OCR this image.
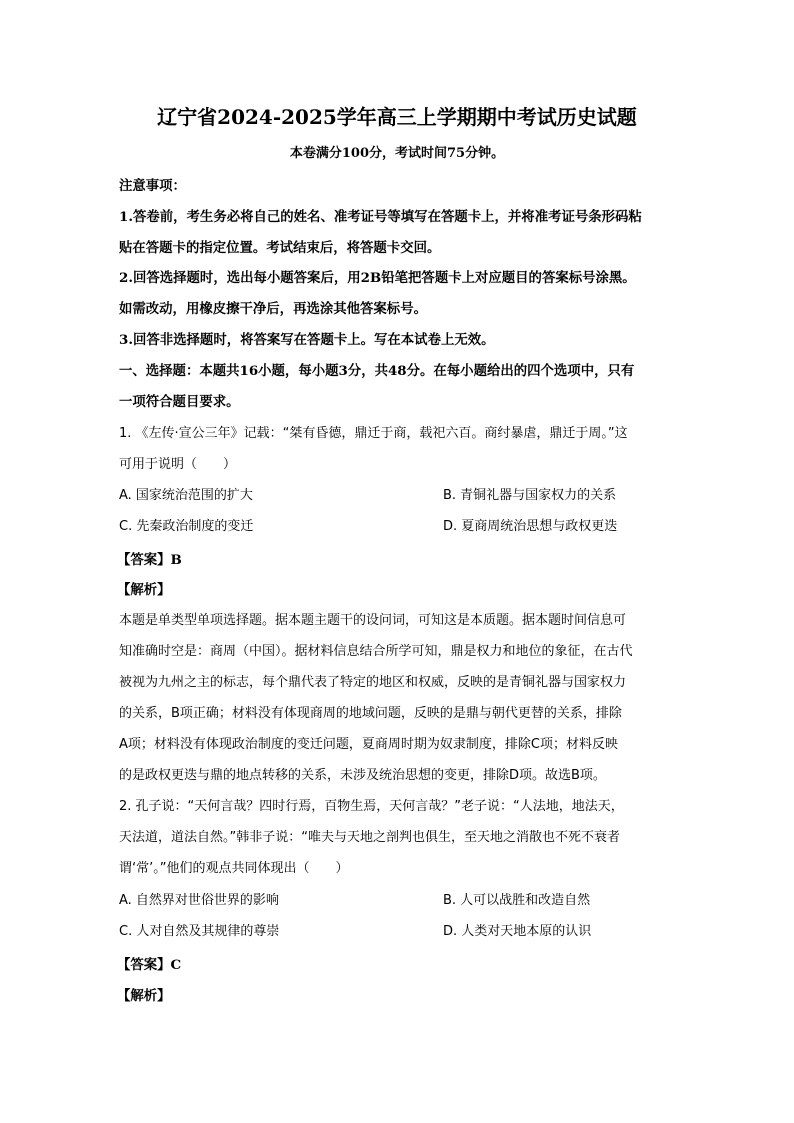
辽宁省2024-2025学年高三上学期期中考试历史试题
本卷满分100分，考试时间75分钟。
注意事项：
1.答卷前，考生务必将自己的姓名、准考证号等填写在答题卡上，并将准考证号条形码粘
贴在答题卡的指定位置。考试结束后，将答题卡交回。
2.回答选择题时，选出每小题答案后，用2B铅笔把答题卡上对应题目的答案标号涂黑。
如需改动，用橡皮擦干净后，再选涂其他答案标号。
3.回答非选择题时，将答案写在答题卡上。写在本试卷上无效。
一、选择题：本题共16小题，每小题3分，共48分。在每小题给出的四个选项中，只有
一项符合题目要求。
1. 《左传·宣公三年》记载：“桀有昏德，鼎迁于商，载祀六百。商纣暴虐，鼎迁于周。”这
可用于说明（　　）
A. 国家统治范围的扩大	B. 青铜礼器与国家权力的关系
C. 先秦政治制度的变迁	D. 夏商周统治思想与政权更迭
【答案】B
【解析】
本题是单类型单项选择题。据本题主题干的设问词，可知这是本质题。据本题时间信息可
知准确时空是：商周（中国）。据材料信息结合所学可知，鼎是权力和地位的象征，在古代
被视为九州之主的标志，每个鼎代表了特定的地区和权威，反映的是青铜礼器与国家权力
的关系，B项正确；材料没有体现商周的地域问题，反映的是鼎与朝代更替的关系，排除
A项；材料没有体现政治制度的变迁问题，夏商周时期为奴隶制度，排除C项；材料反映
的是政权更迭与鼎的地点转移的关系，未涉及统治思想的变更，排除D项。故选B项。
2. 孔子说：“天何言哉？四时行焉，百物生焉，天何言哉？”老子说：“人法地，地法天，
天法道，道法自然。”韩非子说：“唯夫与天地之剖判也俱生，至天地之消散也不死不衰者
谓‘常’。”他们的观点共同体现出（　　）
A. 自然界对世俗世界的影响	B. 人可以战胜和改造自然
C. 人对自然及其规律的尊崇	D. 人类对天地本原的认识
【答案】C
【解析】
